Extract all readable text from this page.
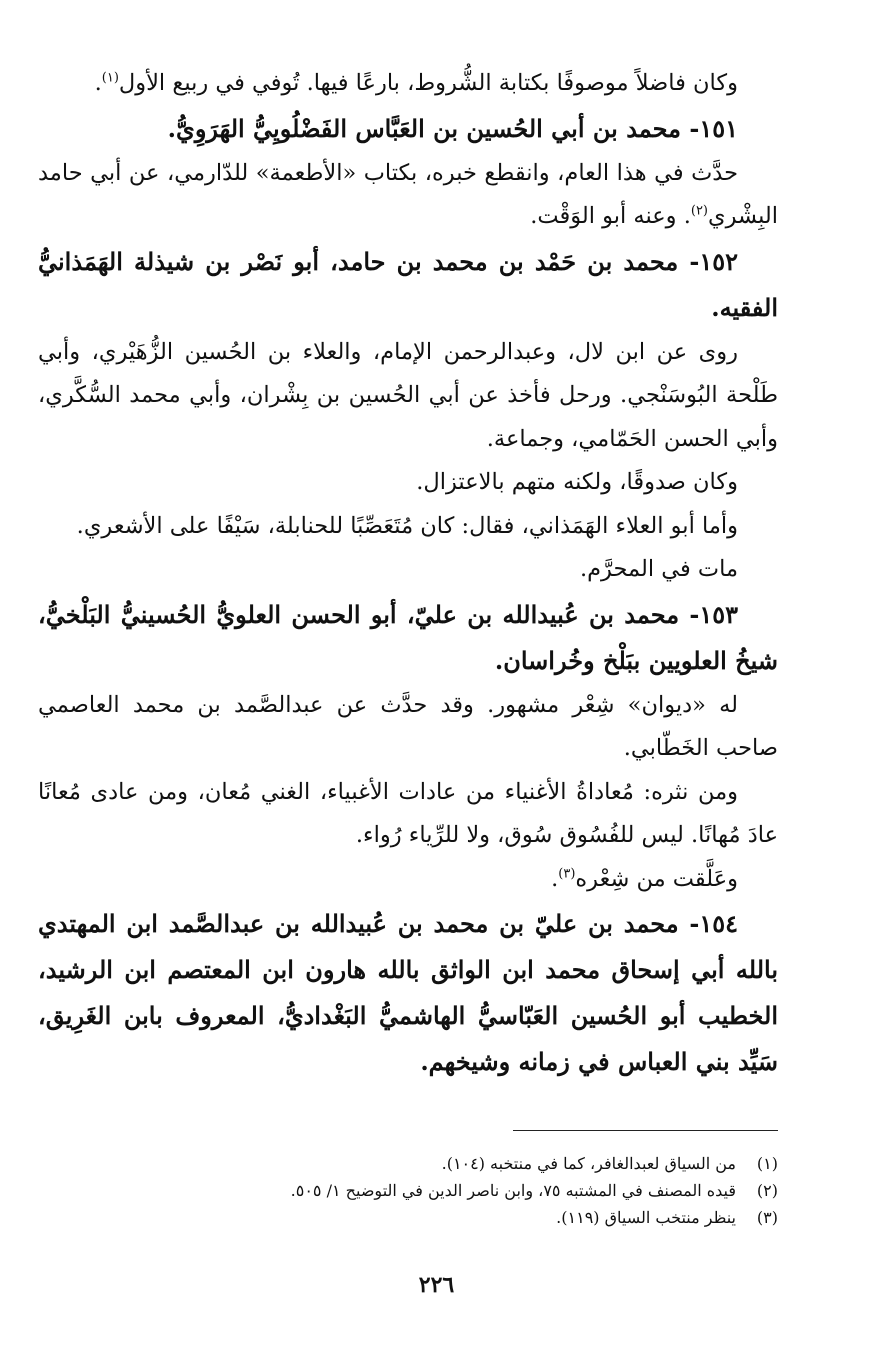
وكان فاضلاً موصوفًا بكتابة الشُّروط، بارعًا فيها. تُوفي في ربيع الأول$^{(١)}$.

١٥١- محمد بن أبي الحُسين بن العَبَّاس الفَضْلُويِيُّ الهَرَوِيُّ.

حدَّث في هذا العام، وانقطع خبره، بكتاب «الأطعمة» للدّارمي، عن أبي حامد البِشْري$^{(٢)}$. وعنه أبو الوَقْت.

١٥٢- محمد بن حَمْد بن محمد بن حامد، أبو نَصْر بن شيذلة الهَمَذانيُّ الفقيه.

روى عن ابن لال، وعبدالرحمن الإمام، والعلاء بن الحُسين الزُّهَيْري، وأبي طَلْحة البُوسَنْجي. ورحل فأخذ عن أبي الحُسين بن بِشْران، وأبي محمد السُّكَّري، وأبي الحسن الحَمّامي، وجماعة.

وكان صدوقًا، ولكنه متهم بالاعتزال.

وأما أبو العلاء الهَمَذاني، فقال: كان مُتَعَصِّبًا للحنابلة، سَيْفًا على الأشعري.

مات في المحرَّم.

١٥٣- محمد بن عُبيدالله بن عليّ، أبو الحسن العلويُّ الحُسينيُّ البَلْخيُّ، شيخُ العلويين ببَلْخ وخُراسان.

له «ديوان» شِعْر مشهور. وقد حدَّث عن عبدالصَّمد بن محمد العاصمي صاحب الخَطّابي.

ومن نثره: مُعاداةُ الأغنياء من عادات الأغبياء، الغني مُعان، ومن عادى مُعانًا عادَ مُهانًا. ليس للفُسُوق سُوق، ولا للرِّياء رُواء.

وعَلَّقت من شِعْره$^{(٣)}$.

١٥٤- محمد بن عليّ بن محمد بن عُبيدالله بن عبدالصَّمد ابن المهتدي بالله أبي إسحاق محمد ابن الواثق بالله هارون ابن المعتصم ابن الرشيد، الخطيب أبو الحُسين العَبّاسيُّ الهاشميُّ البَغْداديُّ، المعروف بابن الغَرِيق، سَيِّد بني العباس في زمانه وشيخهم.

(١)
من السياق لعبدالغافر، كما في منتخبه (١٠٤).

(٢)
قيده المصنف في المشتبه ٧٥، وابن ناصر الدين في التوضيح ١/ ٥٠٥.

(٣)
ينظر منتخب السياق (١١٩).

٢٢٦
